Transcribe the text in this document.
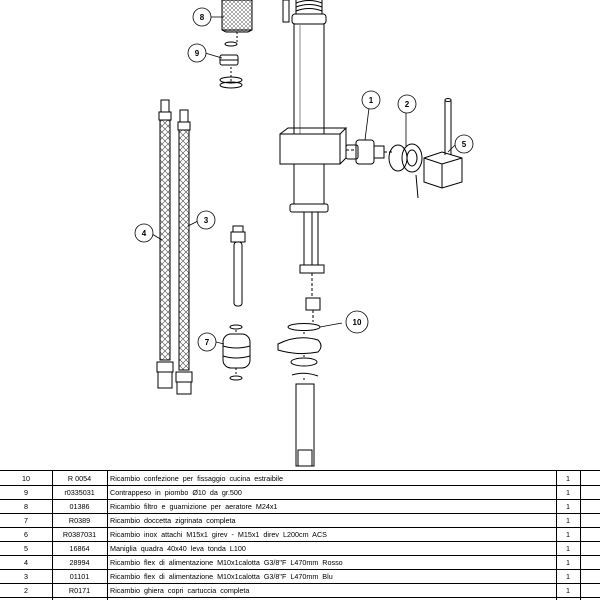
8
9
1	2
5
4
3
7
10
10	R 0054	Ricambio confezione per fissaggio cucina estraibile	1
9	r0335031	Contrappeso in piombo Ø10 da gr.500	1
8	01386	Ricambio filtro e guarnizione per aeratore M24x1	1
7	R0389	Ricambio doccetta zigrinata completa	1
6	R0387031	Ricambio inox attachi M15x1 girev - M15x1 direv L200cm ACS	1
5	16864	Maniglia quadra 40x40 leva tonda L100	1
4	28994	Ricambio flex di alimentazione M10x1calotta G3/8"F L470mm Rosso	1
3	01101	Ricambio flex di alimentazione M10x1calotta G3/8"F L470mm Blu	1
2	R0171	Ricambio ghiera copri cartuccia completa	1
